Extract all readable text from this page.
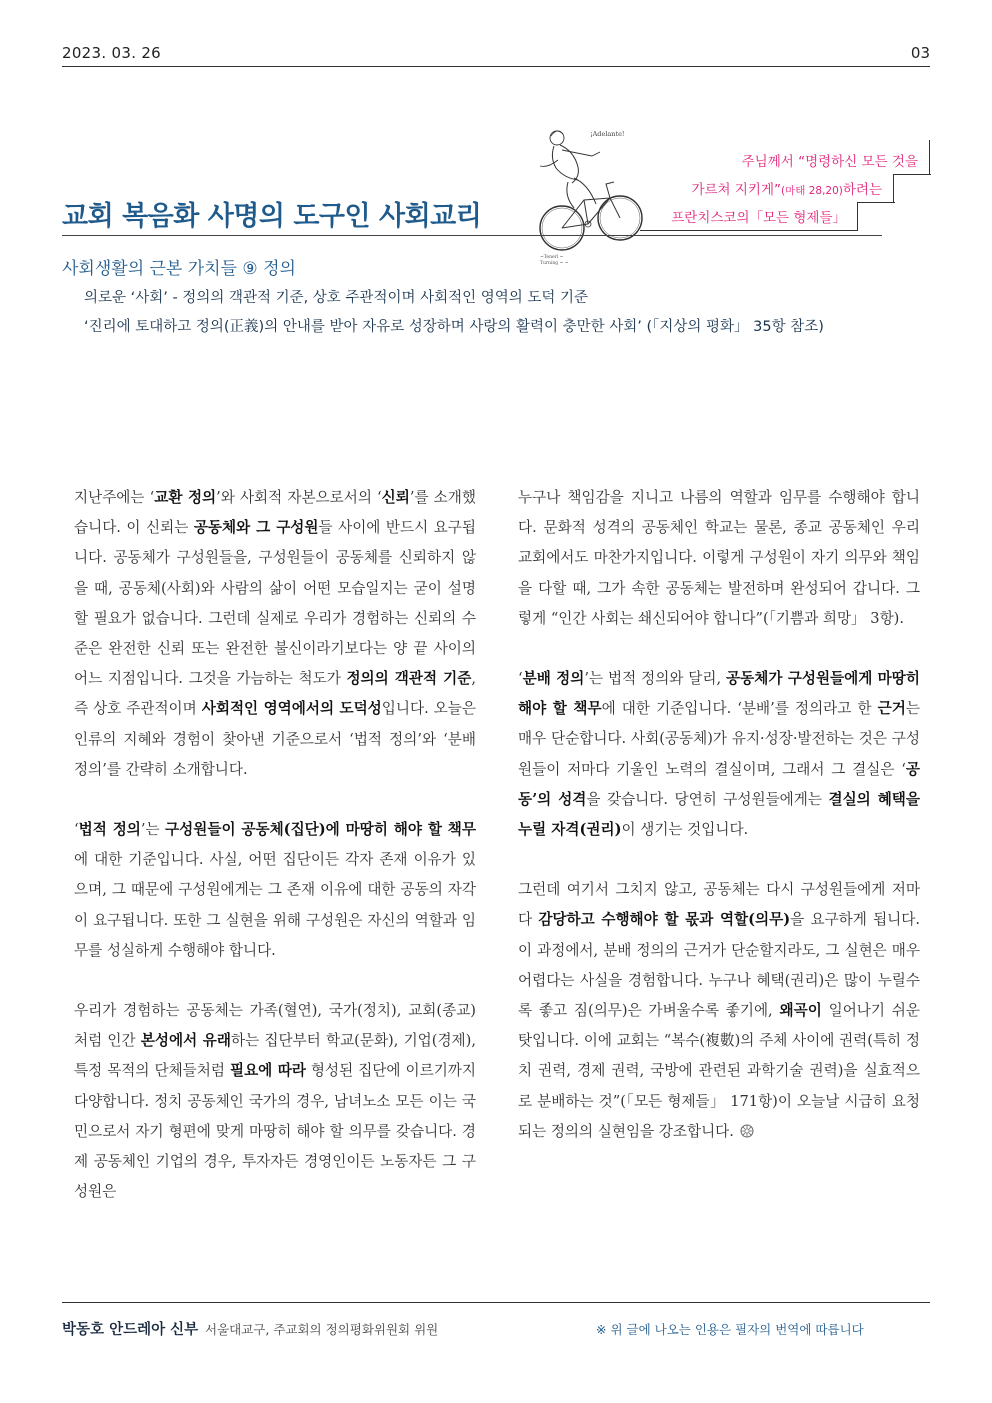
2023. 03. 26	03
¡Adelante!
~Tenerl ~
Turning ~ ~
주님께서 “명령하신 모든 것을
가르쳐 지키게”(마태 28,20)하려는
프란치스코의「모든 형제들」
교회 복음화 사명의 도구인 사회교리
사회생활의 근본 가치들 ⑨ 정의
의로운 ‘사회’ - 정의의 객관적 기준, 상호 주관적이며 사회적인 영역의 도덕 기준
‘진리에 토대하고 정의(正義)의 안내를 받아 자유로 성장하며 사랑의 활력이 충만한 사회’ (「지상의 평화」 35항 참조)

지난주에는 ‘교환 정의’와 사회적 자본으로서의 ‘신뢰’를 소개했습니다. 이 신뢰는 공동체와 그 구성원들 사이에 반드시 요구됩니다. 공동체가 구성원들을, 구성원들이 공동체를 신뢰하지 않을 때, 공동체(사회)와 사람의 삶이 어떤 모습일지는 굳이 설명할 필요가 없습니다. 그런데 실제로 우리가 경험하는 신뢰의 수준은 완전한 신뢰 또는 완전한 불신이라기보다는 양 끝 사이의 어느 지점입니다. 그것을 가늠하는 척도가 정의의 객관적 기준, 즉 상호 주관적이며 사회적인 영역에서의 도덕성입니다. 오늘은 인류의 지혜와 경험이 찾아낸 기준으로서 ‘법적 정의’와 ‘분배 정의’를 간략히 소개합니다.

‘법적 정의’는 구성원들이 공동체(집단)에 마땅히 해야 할 책무에 대한 기준입니다. 사실, 어떤 집단이든 각자 존재 이유가 있으며, 그 때문에 구성원에게는 그 존재 이유에 대한 공동의 자각이 요구됩니다. 또한 그 실현을 위해 구성원은 자신의 역할과 임무를 성실하게 수행해야 합니다.

우리가 경험하는 공동체는 가족(혈연), 국가(정치), 교회(종교)처럼 인간 본성에서 유래하는 집단부터 학교(문화), 기업(경제), 특정 목적의 단체들처럼 필요에 따라 형성된 집단에 이르기까지 다양합니다. 정치 공동체인 국가의 경우, 남녀노소 모든 이는 국민으로서 자기 형편에 맞게 마땅히 해야 할 의무를 갖습니다. 경제 공동체인 기업의 경우, 투자자든 경영인이든 노동자든 그 구성원은

누구나 책임감을 지니고 나름의 역할과 임무를 수행해야 합니다. 문화적 성격의 공동체인 학교는 물론, 종교 공동체인 우리 교회에서도 마찬가지입니다. 이렇게 구성원이 자기 의무와 책임을 다할 때, 그가 속한 공동체는 발전하며 완성되어 갑니다. 그렇게 “인간 사회는 쇄신되어야 합니다”(「기쁨과 희망」 3항).

‘분배 정의’는 법적 정의와 달리, 공동체가 구성원들에게 마땅히 해야 할 책무에 대한 기준입니다. ‘분배’를 정의라고 한 근거는 매우 단순합니다. 사회(공동체)가 유지·성장·발전하는 것은 구성원들이 저마다 기울인 노력의 결실이며, 그래서 그 결실은 ‘공동’의 성격을 갖습니다. 당연히 구성원들에게는 결실의 혜택을 누릴 자격(권리)이 생기는 것입니다.

그런데 여기서 그치지 않고, 공동체는 다시 구성원들에게 저마다 감당하고 수행해야 할 몫과 역할(의무)을 요구하게 됩니다. 이 과정에서, 분배 정의의 근거가 단순할지라도, 그 실현은 매우 어렵다는 사실을 경험합니다. 누구나 혜택(권리)은 많이 누릴수록 좋고 짐(의무)은 가벼울수록 좋기에, 왜곡이 일어나기 쉬운 탓입니다. 이에 교회는 “복수(複數)의 주체 사이에 권력(특히 정치 권력, 경제 권력, 국방에 관련된 과학기술 권력)을 실효적으로 분배하는 것”(「모든 형제들」 171항)이 오늘날 시급히 요청되는 정의의 실현임을 강조합니다.

박동호 안드레아 신부 서울대교구, 주교회의 정의평화위원회 위원	※ 위 글에 나오는 인용은 필자의 번역에 따릅니다
